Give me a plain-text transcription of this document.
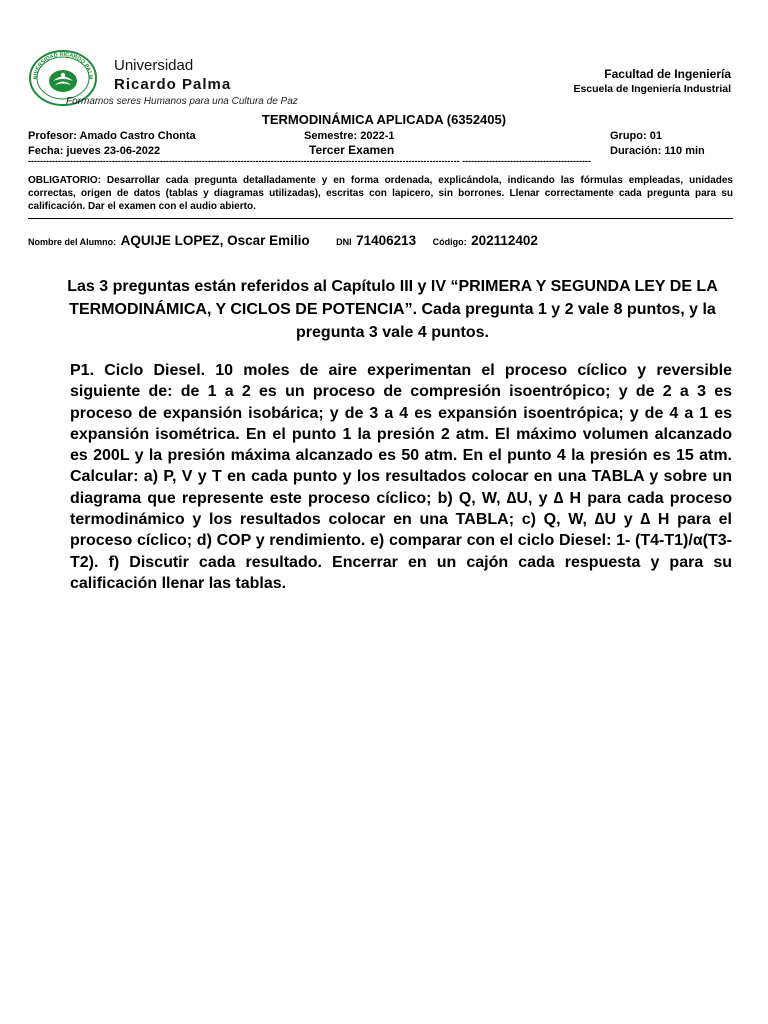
NIVERSIDAD RICARDO PALM
Universidad
Ricardo Palma
Formamos seres Humanos para una Cultura de Paz
Facultad de Ingeniería
Escuela de Ingeniería Industrial
TERMODINÁMICA APLICADA (6352405)
Profesor: Amado Castro Chonta	Semestre: 2022-1	Grupo: 01
Fecha: jueves 23-06-2022	Tercer Examen	Duración: 110 min
------------------------------------------------------------------------------------------------------------------------------------------------ -------------------------------------------
OBLIGATORIO: Desarrollar cada pregunta detalladamente y en forma ordenada, explicándola, indicando las fórmulas empleadas, unidades correctas, origen de datos (tablas y diagramas utilizadas), escritas con lapicero, sin borrones. Llenar correctamente cada pregunta para su calificación. Dar el examen con el audio abierto.
Nombre del Alumno: AQUIJE LOPEZ, Oscar Emilio	DNI 71406213 Código: 202112402
Las 3 preguntas están referidos al Capítulo III y IV “PRIMERA Y SEGUNDA LEY DE LA TERMODINÁMICA, Y CICLOS DE POTENCIA”. Cada pregunta 1 y 2 vale 8 puntos, y la pregunta 3 vale 4 puntos.
P1. Ciclo Diesel. 10 moles de aire experimentan el proceso cíclico y reversible siguiente de: de 1 a 2 es un proceso de compresión isoentrópico; y de 2 a 3 es proceso de expansión isobárica; y de 3 a 4 es expansión isoentrópica; y de 4 a 1 es expansión isométrica. En el punto 1 la presión 2 atm. El máximo volumen alcanzado es 200L y la presión máxima alcanzado es 50 atm. En el punto 4 la presión es 15 atm. Calcular: a) P, V y T en cada punto y los resultados colocar en una TABLA y sobre un diagrama que represente este proceso cíclico; b) Q, W, ∆U, y ∆ H para cada proceso termodinámico y los resultados colocar en una TABLA; c) Q, W, ∆U y ∆ H para el proceso cíclico; d) COP y rendimiento. e) comparar con el ciclo Diesel: 1- (T4-T1)/α(T3-T2). f) Discutir cada resultado. Encerrar en un cajón cada respuesta y para su calificación llenar las tablas.
